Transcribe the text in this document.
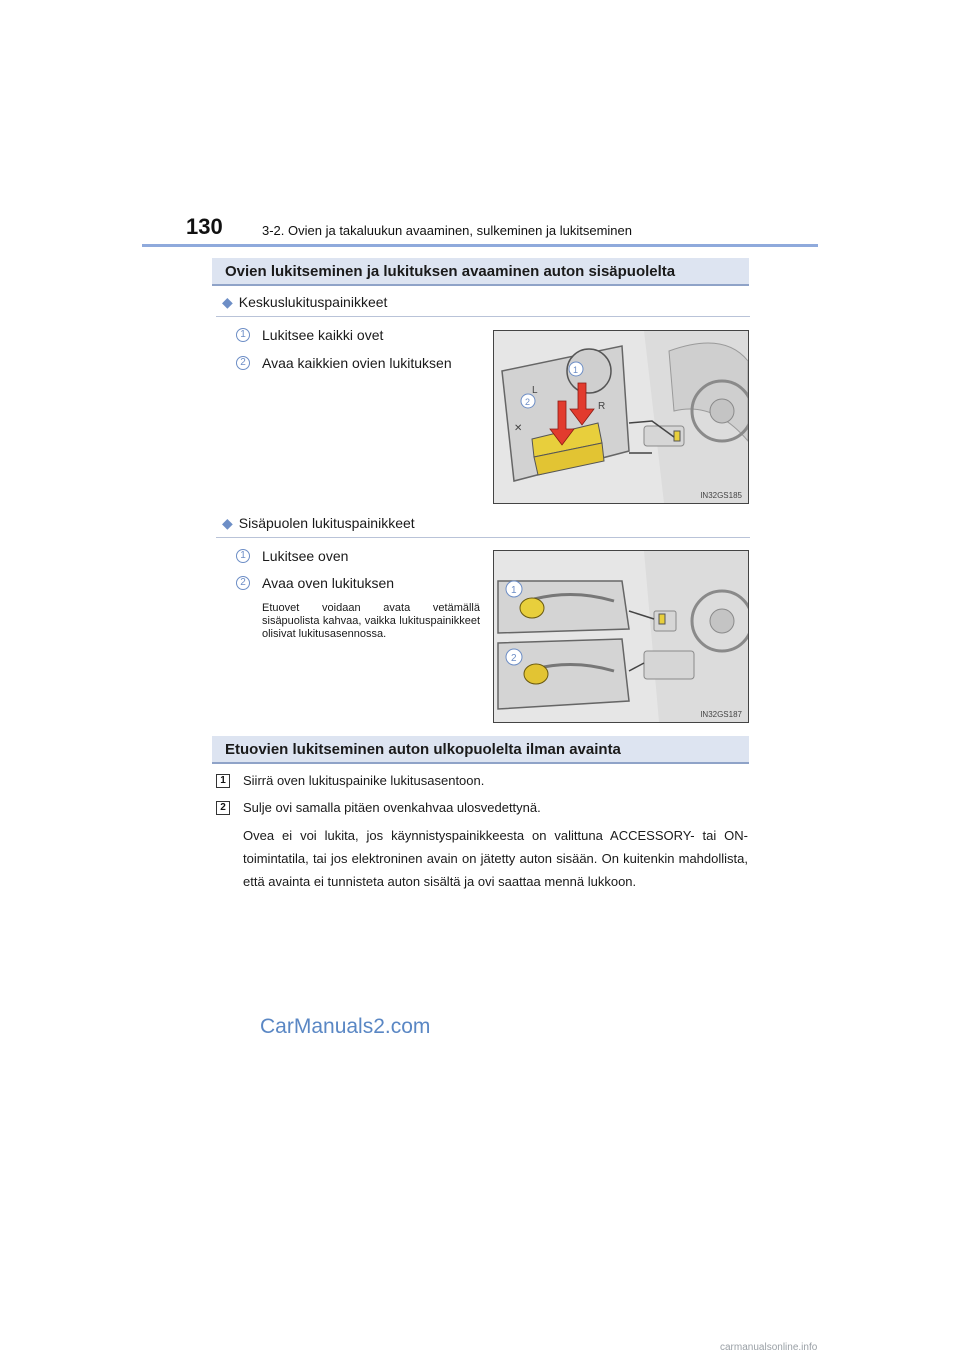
130	3-2. Ovien ja takaluukun avaaminen, sulkeminen ja lukitseminen
Ovien lukitseminen ja lukituksen avaaminen auton sisäpuolelta
◆ Keskuslukituspainikkeet
1	Lukitsee kaikki ovet
2	Avaa kaikkien ovien lukituksen
L
R
✕
1
2
IN32GS185
◆ Sisäpuolen lukituspainikkeet
1	Lukitsee oven
2	Avaa oven lukituksen
Etuovet voidaan avata vetämällä sisäpuolista kahvaa, vaikka lukituspainikkeet olisivat lukitusasennossa.
1
2
IN32GS187
Etuovien lukitseminen auton ulkopuolelta ilman avainta
1	Siirrä oven lukituspainike lukitusasentoon.
2	Sulje ovi samalla pitäen ovenkahvaa ulosvedettynä.
Ovea ei voi lukita, jos käynnistyspainikkeesta on valittuna ACCESSORY- tai ON-toimintatila, tai jos elektroninen avain on jätetty auton sisään. On kuitenkin mahdollista, että avainta ei tunnisteta auton sisältä ja ovi saattaa mennä lukkoon.
CarManuals2.com
carmanualsonline.info
